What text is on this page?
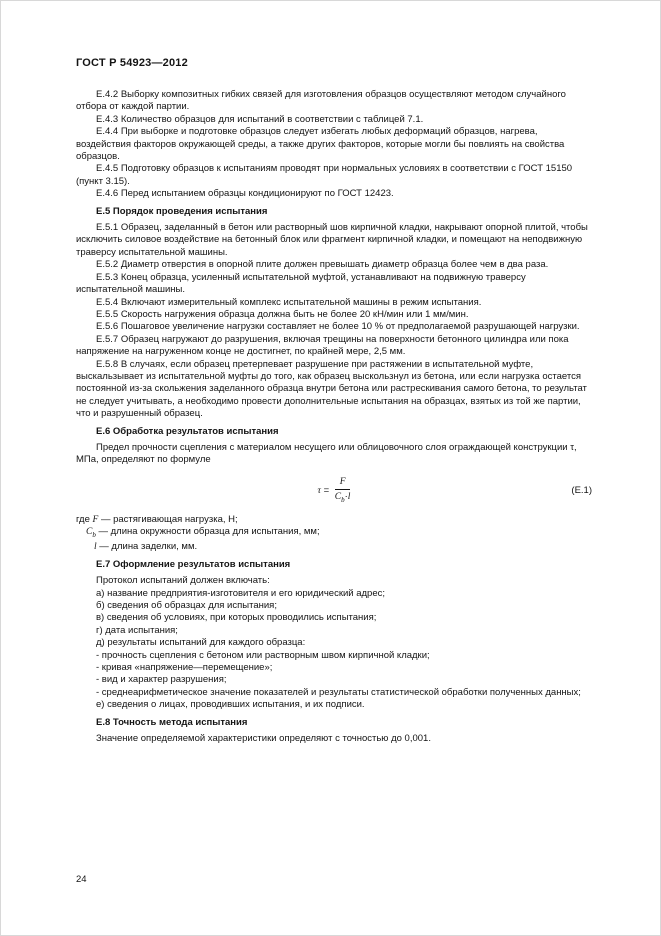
ГОСТ Р 54923—2012

Е.4.2 Выборку композитных гибких связей для изготовления образцов осуществляют методом случайного отбора от каждой партии.

Е.4.3 Количество образцов для испытаний в соответствии с таблицей 7.1.

Е.4.4 При выборке и подготовке образцов следует избегать любых деформаций образцов, нагрева, воздействия факторов окружающей среды, а также других факторов, которые могли бы повлиять на свойства образцов.

Е.4.5 Подготовку образцов к испытаниям проводят при нормальных условиях в соответствии с ГОСТ 15150 (пункт 3.15).

Е.4.6 Перед испытанием образцы кондиционируют по ГОСТ 12423.

Е.5 Порядок проведения испытания

Е.5.1 Образец, заделанный в бетон или растворный шов кирпичной кладки, накрывают опорной плитой, чтобы исключить силовое воздействие на бетонный блок или фрагмент кирпичной кладки, и помещают на неподвижную траверсу испытательной машины.

Е.5.2 Диаметр отверстия в опорной плите должен превышать диаметр образца более чем в два раза.

Е.5.3 Конец образца, усиленный испытательной муфтой, устанавливают на подвижную траверсу испытательной машины.

Е.5.4 Включают измерительный комплекс испытательной машины в режим испытания.

Е.5.5 Скорость нагружения образца должна быть не более 20 кН/мин или 1 мм/мин.

Е.5.6 Пошаговое увеличение нагрузки составляет не более 10 % от предполагаемой разрушающей нагрузки.

Е.5.7 Образец нагружают до разрушения, включая трещины на поверхности бетонного цилиндра или пока напряжение на нагруженном конце не достигнет, по крайней мере, 2,5 мм.

Е.5.8 В случаях, если образец претерпевает разрушение при растяжении в испытательной муфте, выскальзывает из испытательной муфты до того, как образец выскользнул из бетона, или если нагрузка остается постоянной из-за скольжения заделанного образца внутри бетона или растрескивания самого бетона, то результат не следует учитывать, а необходимо провести дополнительные испытания на образцах, взятых из той же партии, что и разрушенный образец.

Е.6 Обработка результатов испытания

Предел прочности сцепления с материалом несущего или облицовочного слоя ограждающей конструкции τ, МПа, определяют по формуле

$\tau = \frac{F}{C_b\cdot l}$	(Е.1)

где F — растягивающая нагрузка, Н;

$C_b$ — длина окружности образца для испытания, мм;

l — длина заделки, мм.

Е.7 Оформление результатов испытания

Протокол испытаний должен включать:

а) название предприятия-изготовителя и его юридический адрес;

б) сведения об образцах для испытания;

в) сведения об условиях, при которых проводились испытания;

г) дата испытания;

д) результаты испытаний для каждого образца:

- прочность сцепления с бетоном или растворным швом кирпичной кладки;

- кривая «напряжение—перемещение»;

- вид и характер разрушения;

- среднеарифметическое значение показателей и результаты статистической обработки полученных данных;

е) сведения о лицах, проводивших испытания, и их подписи.

Е.8 Точность метода испытания

Значение определяемой характеристики определяют с точностью до 0,001.

24
